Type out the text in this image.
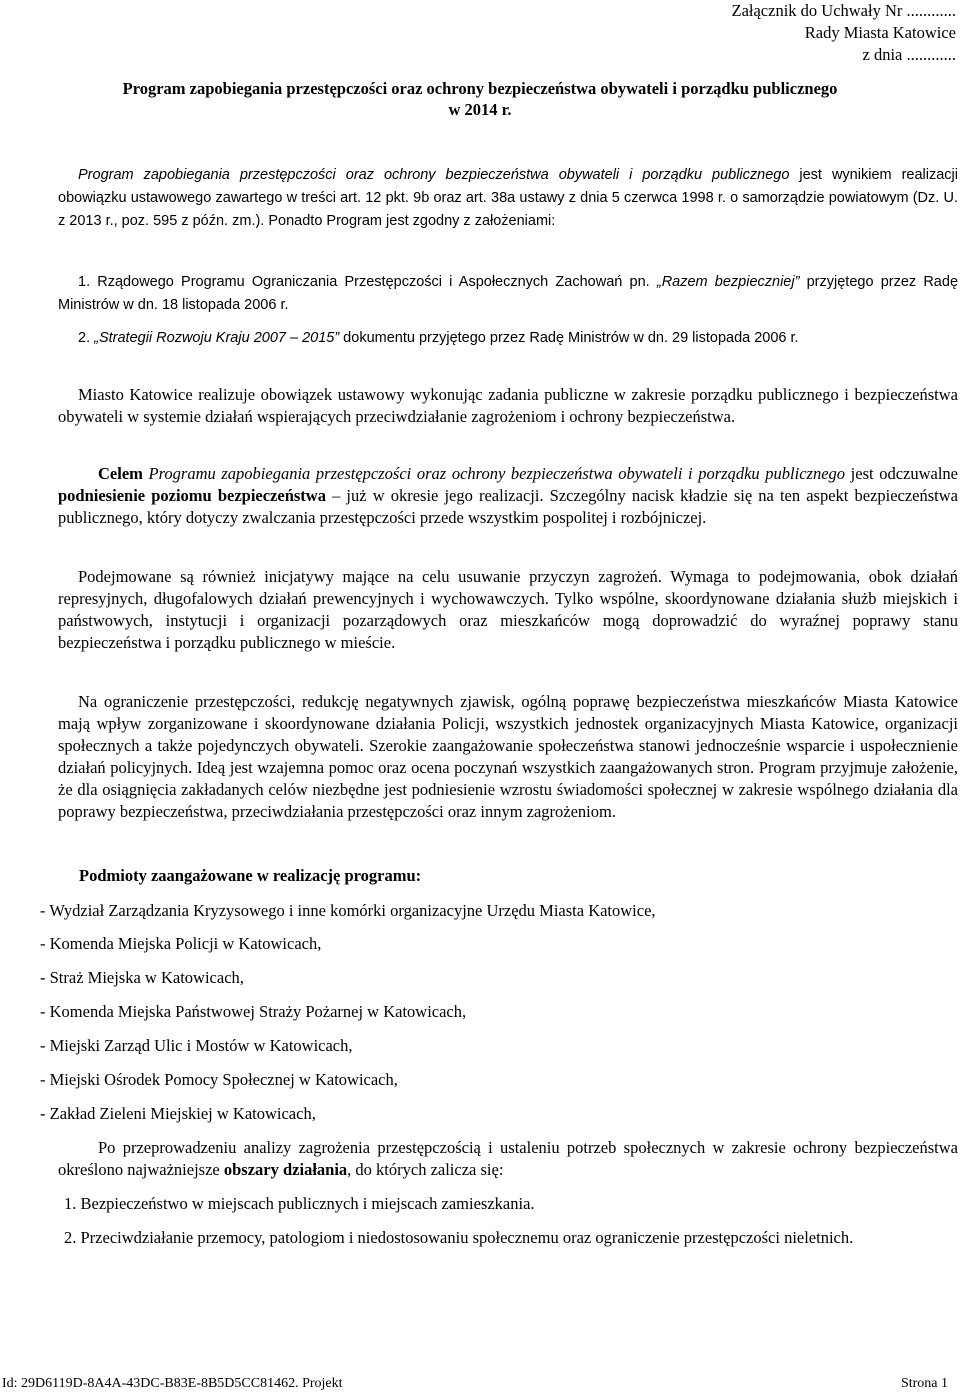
Załącznik do Uchwały Nr ............
Rady Miasta Katowice
z dnia ............
Program zapobiegania przestępczości oraz ochrony bezpieczeństwa obywateli i porządku publicznego
w 2014 r.

Program zapobiegania przestępczości oraz ochrony bezpieczeństwa obywateli i porządku publicznego jest wynikiem realizacji obowiązku ustawowego zawartego w treści art. 12 pkt. 9b oraz art. 38a ustawy z dnia 5 czerwca 1998 r. o samorządzie powiatowym (Dz. U. z 2013 r., poz. 595 z późn. zm.). Ponadto Program jest zgodny z założeniami:

1. Rządowego Programu Ograniczania Przestępczości i Aspołecznych Zachowań pn. „Razem bezpieczniej” przyjętego przez Radę Ministrów w dn. 18 listopada 2006 r.

2. „Strategii Rozwoju Kraju 2007 – 2015” dokumentu przyjętego przez Radę Ministrów w dn. 29 listopada 2006 r.

Miasto Katowice realizuje obowiązek ustawowy wykonując zadania publiczne w zakresie porządku publicznego i bezpieczeństwa obywateli w systemie działań wspierających przeciwdziałanie zagrożeniom i ochrony bezpieczeństwa.

Celem Programu zapobiegania przestępczości oraz ochrony bezpieczeństwa obywateli i porządku publicznego jest odczuwalne podniesienie poziomu bezpieczeństwa – już w okresie jego realizacji. Szczególny nacisk kładzie się na ten aspekt bezpieczeństwa publicznego, który dotyczy zwalczania przestępczości przede wszystkim pospolitej i rozbójniczej.

Podejmowane są również inicjatywy mające na celu usuwanie przyczyn zagrożeń. Wymaga to podejmowania, obok działań represyjnych, długofalowych działań prewencyjnych i wychowawczych. Tylko wspólne, skoordynowane działania służb miejskich i państwowych, instytucji i organizacji pozarządowych oraz mieszkańców mogą doprowadzić do wyraźnej poprawy stanu bezpieczeństwa i porządku publicznego w mieście.

Na ograniczenie przestępczości, redukcję negatywnych zjawisk, ogólną poprawę bezpieczeństwa mieszkańców Miasta Katowice mają wpływ zorganizowane i skoordynowane działania Policji, wszystkich jednostek organizacyjnych Miasta Katowice, organizacji społecznych a także pojedynczych obywateli. Szerokie zaangażowanie społeczeństwa stanowi jednocześnie wsparcie i uspołecznienie działań policyjnych. Ideą jest wzajemna pomoc oraz ocena poczynań wszystkich zaangażowanych stron. Program przyjmuje założenie, że dla osiągnięcia zakładanych celów niezbędne jest podniesienie wzrostu świadomości społecznej w zakresie wspólnego działania dla poprawy bezpieczeństwa, przeciwdziałania przestępczości oraz innym zagrożeniom.

Podmioty zaangażowane w realizację programu:
- Wydział Zarządzania Kryzysowego i inne komórki organizacyjne Urzędu Miasta Katowice,
- Komenda Miejska Policji w Katowicach,
- Straż Miejska w Katowicach,
- Komenda Miejska Państwowej Straży Pożarnej w Katowicach,
- Miejski Zarząd Ulic i Mostów w Katowicach,
- Miejski Ośrodek Pomocy Społecznej w Katowicach,
- Zakład Zieleni Miejskiej w Katowicach,

Po przeprowadzeniu analizy zagrożenia przestępczością i ustaleniu potrzeb społecznych w zakresie ochrony bezpieczeństwa określono najważniejsze obszary działania, do których zalicza się:

1. Bezpieczeństwo w miejscach publicznych i miejscach zamieszkania.

2. Przeciwdziałanie przemocy, patologiom i niedostosowaniu społecznemu oraz ograniczenie przestępczości nieletnich.

Id: 29D6119D-8A4A-43DC-B83E-8B5D5CC81462. Projekt	Strona 1
